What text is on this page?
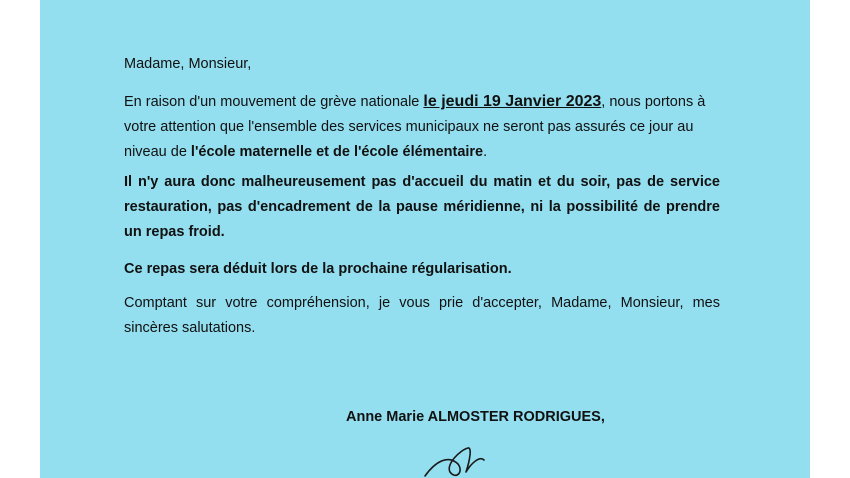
Madame, Monsieur,

En raison d'un mouvement de grève nationale le jeudi 19 Janvier 2023, nous portons à votre attention que l'ensemble des services municipaux ne seront pas assurés ce jour au niveau de l'école maternelle et de l'école élémentaire.

Il n'y aura donc malheureusement pas d'accueil du matin et du soir, pas de service restauration, pas d'encadrement de la pause méridienne, ni la possibilité de prendre un repas froid.

Ce repas sera déduit lors de la prochaine régularisation.

Comptant sur votre compréhension, je vous prie d'accepter, Madame, Monsieur, mes sincères salutations.

Anne Marie ALMOSTER RODRIGUES,
